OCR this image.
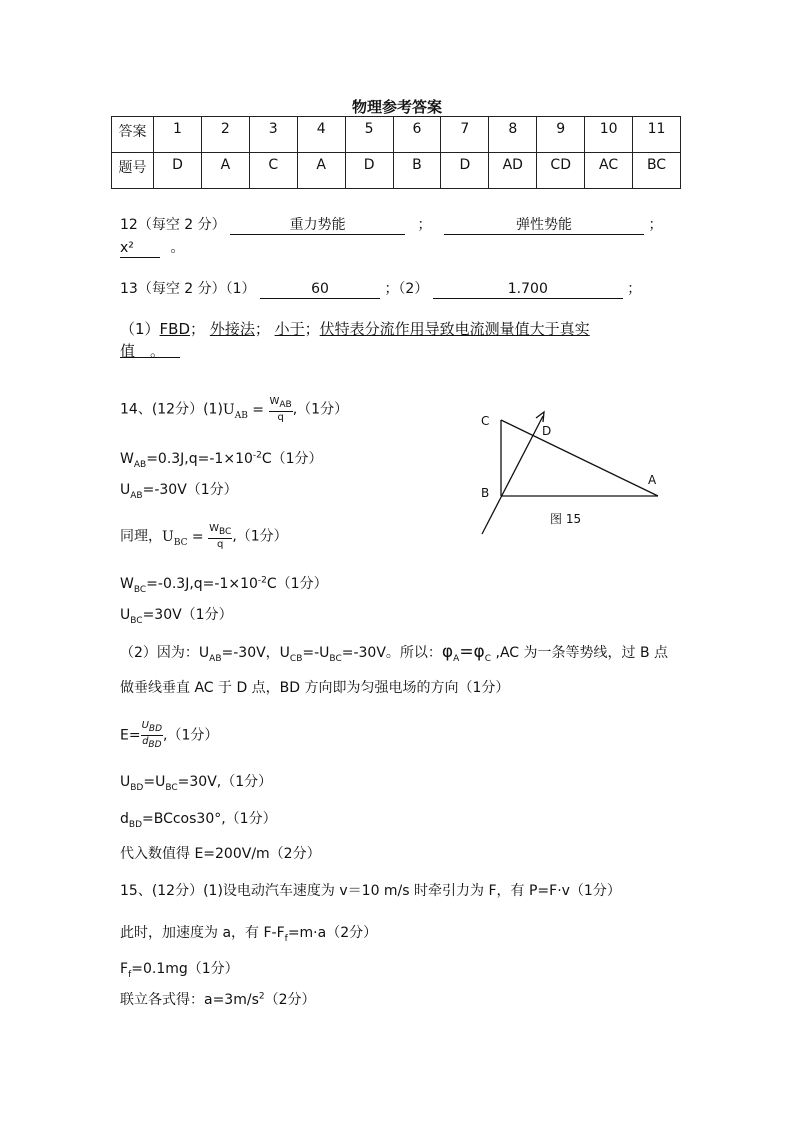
物理参考答案
答案	1	2	3	4	5	6	7	8	9	10	11
题号	D	A	C	A	D	B	D	AD	CD	AC	BC
12（每空 2 分）	重力势能	；	弹性势能	；
x²	。
13（每空 2 分）（1）	60	；（2）	1.700	；
（1）FBD； 外接法； 小于；伏特表分流作用导致电流测量值大于真实
值　。 
14、(12分）$(1)U_{AB} = \frac{W_{AB}}{q} ,(1$分）
$W_{AB}=0.3J,q=-1\times 10^{-2}C(1$分）
$U_{AB}=-30V(1$分）
同理，$U_{BC} = \frac{W_{BC}}{q} ,(1$分）
$W_{BC}=-0.3J,q=-1\times 10^{-2}C(1$分）
$U_{BC}=30V(1$分）
（2）因为：$U_{AB}=-30V$，$U_{CB}=-U_{BC}=-30V$。所以：$\varphi_A=\varphi_C$ ,AC 为一条等势线，过 B 点
做垂线垂直 AC 于 D 点，BD 方向即为匀强电场的方向（1分）
$E= \frac{U_{BD}}{d_{BD}} ,(1$分）
$U_{BD}=U_{BC}=30V,(1$分）
$d_{BD}=BCcos30^\circ,(1$分）
代入数值得 E=200V/m（2分）
15、(12分）(1)设电动汽车速度为 v＝10 m/s 时牵引力为 F，有 P=F·v（1分）
此时，加速度为 a，有 $F-F_f=m\cdot a(2$分）
$F_f=0.1mg(1$分）
联立各式得：$a=3m/s^2(2$分）
C
D
B
A
图 15
